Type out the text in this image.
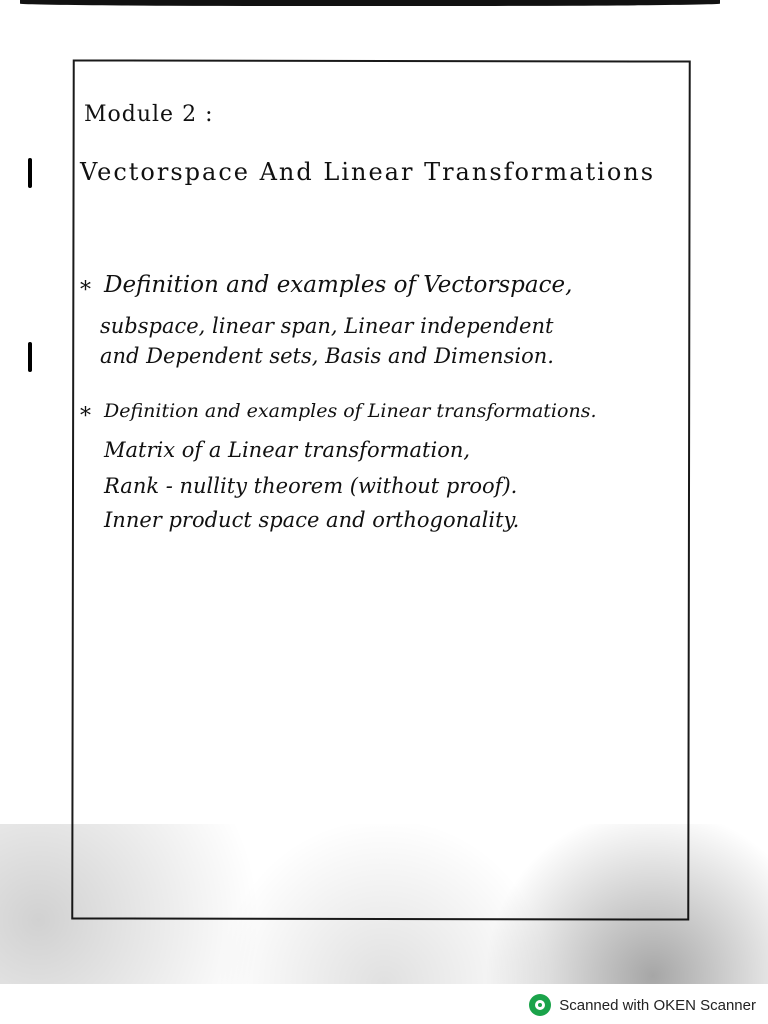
Module 2 :
Vectorspace And Linear Transformations
* Definition and examples of Vectorspace,
subspace, linear span, Linear independent
and Dependent sets, Basis and Dimension.
* Definition and examples of Linear transformations.
Matrix of a Linear transformation,
Rank - nullity theorem (without proof).
Inner product space and orthogonality.
Scanned with OKEN Scanner
